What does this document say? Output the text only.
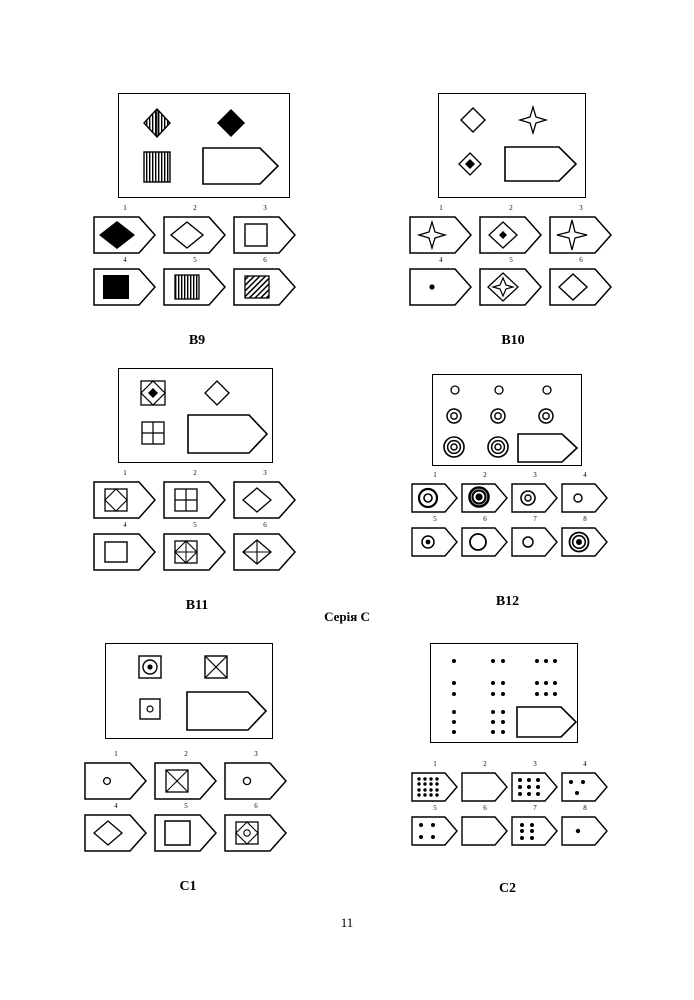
1	2	3
4	5	6
B9
1	2	3
4	5	6
B10
1	2	3
4	5	6
B11
1	2	3	4
5	6	7	8
B12
Серія С
1	2	3
4	5	6
C1
1	2	3	4
5	6	7	8
C2
11
